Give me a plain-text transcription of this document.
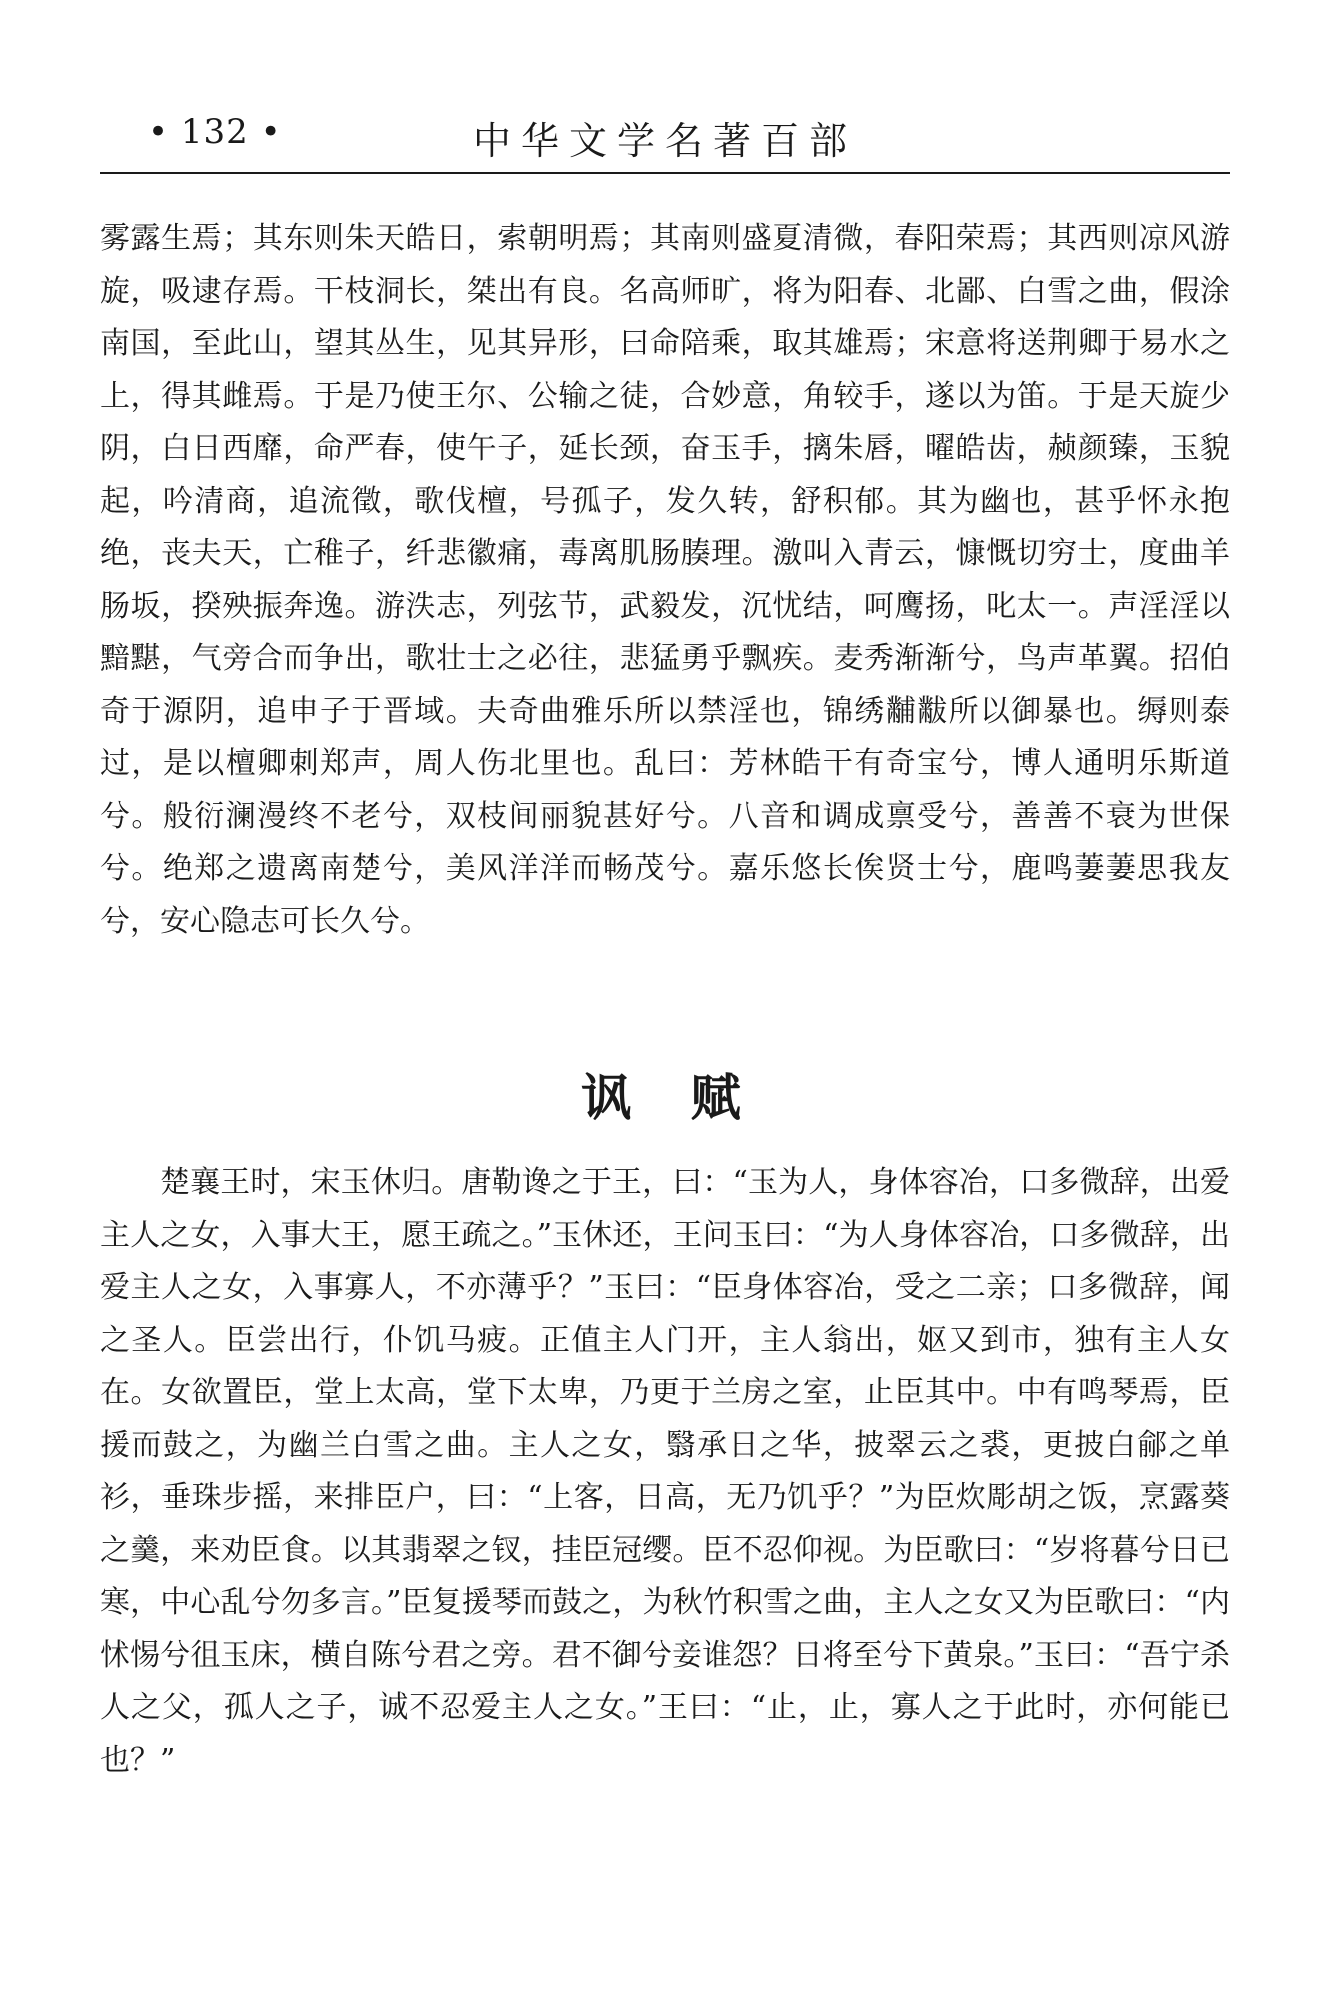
• 132 •	中华文学名著百部

雾露生焉；其东则朱天皓日，索朝明焉；其南则盛夏清微，春阳荣焉；其西则凉风游旋，吸逮存焉。干枝洞长，桀出有良。名高师旷，将为阳春、北鄙、白雪之曲，假涂南国，至此山，望其丛生，见其异形，曰命陪乘，取其雄焉；宋意将送荆卿于易水之上，得其雌焉。于是乃使王尔、公输之徒，合妙意，角较手，遂以为笛。于是天旋少阴，白日西靡，命严春，使午子，延长颈，奋玉手，摛朱唇，曜皓齿，赪颜臻，玉貌起，吟清商，追流徵，歌伐檀，号孤子，发久转，舒积郁。其为幽也，甚乎怀永抱绝，丧夫天，亡稚子，纤悲徽痛，毒离肌肠腠理。激叫入青云，慷慨切穷士，度曲羊肠坂，揆殃振奔逸。游泆志，列弦节，武毅发，沉忧结，呵鹰扬，叱太一。声淫淫以黯黮，气旁合而争出，歌壮士之必往，悲猛勇乎飘疾。麦秀渐渐兮，鸟声革翼。招伯奇于源阴，追申子于晋域。夫奇曲雅乐所以禁淫也，锦绣黼黻所以御暴也。缛则泰过，是以檀卿刺郑声，周人伤北里也。乱曰：芳林皓干有奇宝兮，博人通明乐斯道兮。般衍澜漫终不老兮，双枝间丽貌甚好兮。八音和调成禀受兮，善善不衰为世保兮。绝郑之遗离南楚兮，美风洋洋而畅茂兮。嘉乐悠长俟贤士兮，鹿鸣萋萋思我友兮，安心隐志可长久兮。

讽 赋

楚襄王时，宋玉休归。唐勒谗之于王，曰：“玉为人，身体容冶，口多微辞，出爱主人之女，入事大王，愿王疏之。”玉休还，王问玉曰：“为人身体容冶，口多微辞，出爱主人之女，入事寡人，不亦薄乎？”玉曰：“臣身体容冶，受之二亲；口多微辞，闻之圣人。臣尝出行，仆饥马疲。正值主人门开，主人翁出，妪又到市，独有主人女在。女欲置臣，堂上太高，堂下太卑，乃更于兰房之室，止臣其中。中有鸣琴焉，臣援而鼓之，为幽兰白雪之曲。主人之女，翳承日之华，披翠云之裘，更披白鄃之单衫，垂珠步摇，来排臣户，曰：“上客，日高，无乃饥乎？”为臣炊彫胡之饭，烹露葵之羹，来劝臣食。以其翡翠之钗，挂臣冠缨。臣不忍仰视。为臣歌曰：“岁将暮兮日已寒，中心乱兮勿多言。”臣复援琴而鼓之，为秋竹积雪之曲，主人之女又为臣歌曰：“内怵惕兮徂玉床，横自陈兮君之旁。君不御兮妾谁怨？日将至兮下黄泉。”玉曰：“吾宁杀人之父，孤人之子，诚不忍爱主人之女。”王曰：“止，止，寡人之于此时，亦何能已也？”
